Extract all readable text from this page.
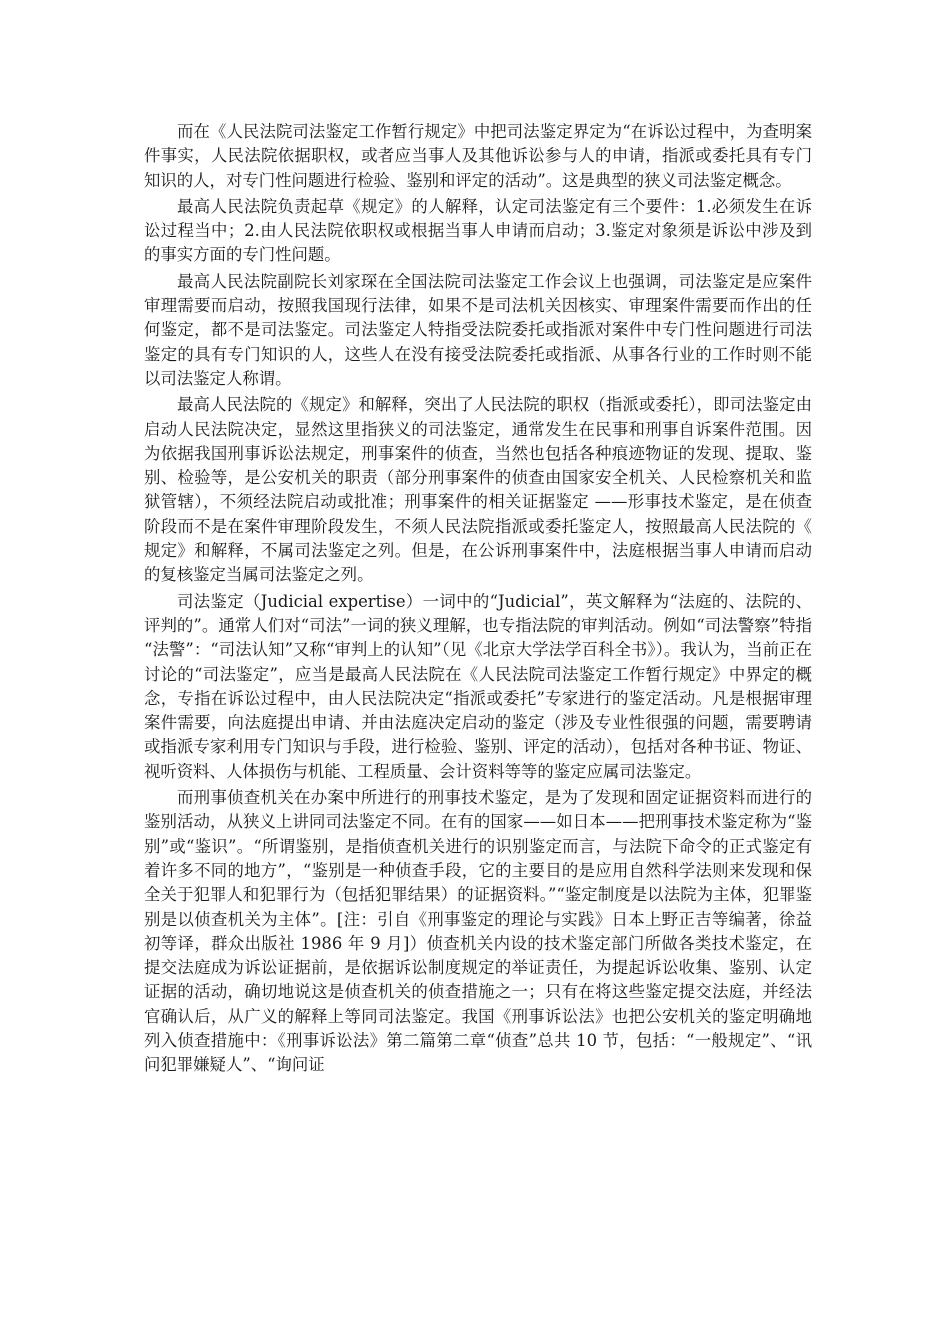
而在《人民法院司法鉴定工作暂行规定》中把司法鉴定界定为“在诉讼过程中，为查明案件事实，人民法院依据职权，或者应当事人及其他诉讼参与人的申请，指派或委托具有专门知识的人，对专门性问题进行检验、鉴别和评定的活动”。这是典型的狭义司法鉴定概念。

最高人民法院负责起草《规定》的人解释，认定司法鉴定有三个要件：1.必须发生在诉讼过程当中；2.由人民法院依职权或根据当事人申请而启动；3.鉴定对象须是诉讼中涉及到的事实方面的专门性问题。

最高人民法院副院长刘家琛在全国法院司法鉴定工作会议上也强调，司法鉴定是应案件审理需要而启动，按照我国现行法律，如果不是司法机关因核实、审理案件需要而作出的任何鉴定，都不是司法鉴定。司法鉴定人特指受法院委托或指派对案件中专门性问题进行司法鉴定的具有专门知识的人，这些人在没有接受法院委托或指派、从事各行业的工作时则不能以司法鉴定人称谓。

最高人民法院的《规定》和解释，突出了人民法院的职权（指派或委托），即司法鉴定由启动人民法院决定，显然这里指狭义的司法鉴定，通常发生在民事和刑事自诉案件范围。因为依据我国刑事诉讼法规定，刑事案件的侦查，当然也包括各种痕迹物证的发现、提取、鉴别、检验等，是公安机关的职责（部分刑事案件的侦查由国家安全机关、人民检察机关和监狱管辖），不须经法院启动或批准；刑事案件的相关证据鉴定 ——形事技术鉴定，是在侦查阶段而不是在案件审理阶段发生，不须人民法院指派或委托鉴定人，按照最高人民法院的《规定》和解释，不属司法鉴定之列。但是，在公诉刑事案件中，法庭根据当事人申请而启动的复核鉴定当属司法鉴定之列。

司法鉴定（Judicial expertise）一词中的“Judicial”，英文解释为“法庭的、法院的、评判的”。通常人们对“司法”一词的狭义理解，也专指法院的审判活动。例如“司法警察”特指“法警”：“司法认知”又称“审判上的认知”（见《北京大学法学百科全书》）。我认为，当前正在讨论的“司法鉴定”，应当是最高人民法院在《人民法院司法鉴定工作暂行规定》中界定的概念，专指在诉讼过程中，由人民法院决定“指派或委托”专家进行的鉴定活动。凡是根据审理案件需要，向法庭提出申请、并由法庭决定启动的鉴定（涉及专业性很强的问题，需要聘请或指派专家利用专门知识与手段，进行检验、鉴别、评定的活动），包括对各种书证、物证、视听资料、人体损伤与机能、工程质量、会计资料等等的鉴定应属司法鉴定。

而刑事侦查机关在办案中所进行的刑事技术鉴定，是为了发现和固定证据资料而进行的鉴别活动，从狭义上讲同司法鉴定不同。在有的国家——如日本——把刑事技术鉴定称为“鉴别”或“鉴识”。“所谓鉴别，是指侦查机关进行的识别鉴定而言，与法院下命令的正式鉴定有着许多不同的地方”，“鉴别是一种侦查手段，它的主要目的是应用自然科学法则来发现和保全关于犯罪人和犯罪行为（包括犯罪结果）的证据资料。”“鉴定制度是以法院为主体，犯罪鉴别是以侦查机关为主体”。[注：引自《刑事鉴定的理论与实践》日本上野正吉等编著，徐益初等译，群众出版社 1986 年 9 月]）侦查机关内设的技术鉴定部门所做各类技术鉴定，在提交法庭成为诉讼证据前，是依据诉讼制度规定的举证责任，为提起诉讼收集、鉴别、认定证据的活动，确切地说这是侦查机关的侦查措施之一；只有在将这些鉴定提交法庭，并经法官确认后，从广义的解释上等同司法鉴定。我国《刑事诉讼法》也把公安机关的鉴定明确地列入侦查措施中：《刑事诉讼法》第二篇第二章“侦查”总共 10 节，包括：“一般规定”、“讯问犯罪嫌疑人”、“询问证
